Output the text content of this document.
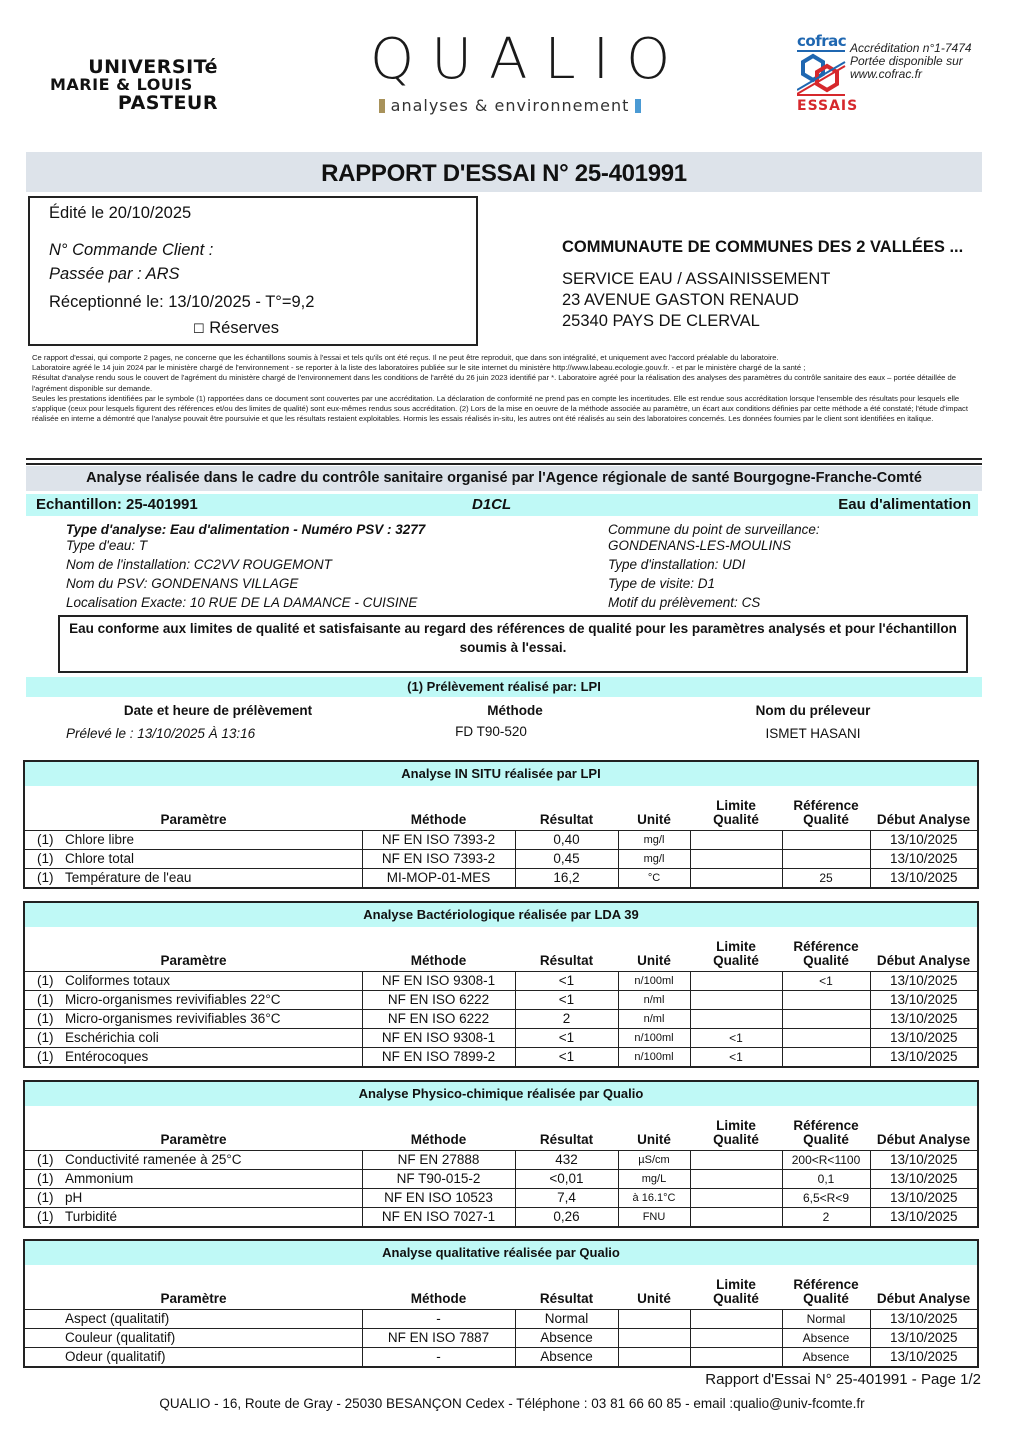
UNIVERSITé
MARIE & LOUIS
PASTEUR
QUALIO
analyses & environnement
cofrac
ESSAIS
Accréditation n°1-7474
Portée disponible sur
www.cofrac.fr
RAPPORT D'ESSAI N° 25-401991
Édité le 20/10/2025
N° Commande Client :
Passée par : ARS
Réceptionné le: 13/10/2025 - T°=9,2
☐ Réserves
COMMUNAUTE DE COMMUNES DES 2 VALLÉES ...
SERVICE EAU / ASSAINISSEMENT
23 AVENUE GASTON RENAUD
25340 PAYS DE CLERVAL
Ce rapport d'essai, qui comporte 2 pages, ne concerne que les échantillons soumis à l'essai et tels qu'ils ont été reçus. Il ne peut être reproduit, que dans son intégralité, et uniquement avec l'accord préalable du laboratoire.
Laboratoire agréé le 14 juin 2024 par le ministère chargé de l'environnement - se reporter à la liste des laboratoires publiée sur le site internet du ministère http://www.labeau.ecologie.gouv.fr. - et par le ministère chargé de la santé ;
Résultat d'analyse rendu sous le couvert de l'agrément du ministère chargé de l'environnement dans les conditions de l'arrêté du 26 juin 2023 identifié par *. Laboratoire agréé pour la réalisation des analyses des paramètres du contrôle sanitaire des eaux – portée détaillée de l'agrément disponible sur demande.
Seules les prestations identifiées par le symbole (1) rapportées dans ce document sont couvertes par une accréditation. La déclaration de conformité ne prend pas en compte les incertitudes. Elle est rendue sous accréditation lorsque l'ensemble des résultats pour lesquels elle s'applique (ceux pour lesquels figurent des références et/ou des limites de qualité) sont eux-mêmes rendus sous accréditation. (2) Lors de la mise en oeuvre de la méthode associée au paramètre, un écart aux conditions définies par cette méthode a été constaté; l'étude d'impact réalisée en interne a démontré que l'analyse pouvait être poursuivie et que les résultats restaient exploitables. Hormis les essais réalisés in-situ, les autres ont été réalisés au sein des laboratoires concernés. Les données fournies par le client sont identifiées en italique.
Analyse réalisée dans le cadre du contrôle sanitaire organisé par l'Agence régionale de santé Bourgogne-Franche-Comté
Echantillon: 25-401991	D1CL	Eau d'alimentation
Type d'analyse: Eau d'alimentation - Numéro PSV : 3277
Type d'eau: T
Nom de l'installation: CC2VV ROUGEMONT
Nom du PSV: GONDENANS VILLAGE
Localisation Exacte: 10 RUE DE LA DAMANCE - CUISINE
Commune du point de surveillance:
GONDENANS-LES-MOULINS
Type d'installation: UDI
Type de visite: D1
Motif du prélèvement: CS
Eau conforme aux limites de qualité et satisfaisante au regard des références de qualité pour les paramètres analysés et pour l'échantillon soumis à l'essai.
(1) Prélèvement réalisé par: LPI
Date et heure de prélèvement	Méthode	Nom du préleveur
Prélevé le : 13/10/2025 À 13:16	FD T90-520	ISMET HASANI
Analyse IN SITU réalisée par LPI
Paramètre	Méthode	Résultat	Unité

Limite
Qualité

Référence
Qualité	Début Analyse

(1) Chlore libre	NF EN ISO 7393-2	0,40	mg/l			13/10/2025
(1) Chlore total	NF EN ISO 7393-2	0,45	mg/l			13/10/2025
(1) Température de l'eau	MI-MOP-01-MES	16,2	°C		25	13/10/2025
Analyse Bactériologique réalisée par LDA 39
Paramètre	Méthode	Résultat	Unité

Limite
Qualité

Référence
Qualité	Début Analyse

(1) Coliformes totaux	NF EN ISO 9308-1	<1	n/100ml		<1	13/10/2025
(1) Micro-organismes revivifiables 22°C	NF EN ISO 6222	<1	n/ml			13/10/2025
(1) Micro-organismes revivifiables 36°C	NF EN ISO 6222	2	n/ml			13/10/2025
(1) Eschérichia coli	NF EN ISO 9308-1	<1	n/100ml	<1		13/10/2025
(1) Entérocoques	NF EN ISO 7899-2	<1	n/100ml	<1		13/10/2025
Analyse Physico-chimique réalisée par Qualio
Paramètre	Méthode	Résultat	Unité

Limite
Qualité

Référence
Qualité	Début Analyse

(1) Conductivité ramenée à 25°C	NF EN 27888	432	µS/cm		200<R<1100	13/10/2025
(1) Ammonium	NF T90-015-2	<0,01	mg/L		0,1	13/10/2025
(1) pH	NF EN ISO 10523	7,4	à 16.1°C		6,5<R<9	13/10/2025
(1) Turbidité	NF EN ISO 7027-1	0,26	FNU		2	13/10/2025
Analyse qualitative réalisée par Qualio
Paramètre	Méthode	Résultat	Unité

Limite
Qualité

Référence
Qualité	Début Analyse

Aspect (qualitatif)	-	Normal			Normal	13/10/2025
Couleur (qualitatif)	NF EN ISO 7887	Absence			Absence	13/10/2025
Odeur (qualitatif)	-	Absence			Absence	13/10/2025
Rapport d'Essai N° 25-401991 - Page 1/2
QUALIO - 16, Route de Gray - 25030 BESANÇON Cedex - Téléphone : 03 81 66 60 85 - email :qualio@univ-fcomte.fr
